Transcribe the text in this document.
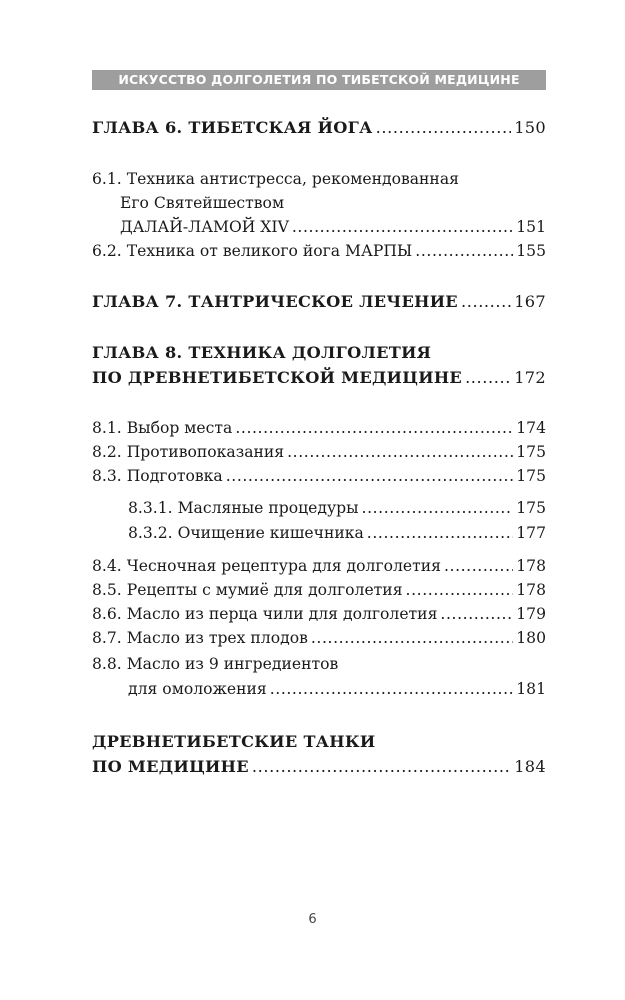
ИСКУССТВО ДОЛГОЛЕТИЯ ПО ТИБЕТСКОЙ МЕДИЦИНЕ
ГЛАВА 6. ТИБЕТСКАЯ ЙОГА .....	150
6.1. Техника антистресса, рекомендованная
Его Святейшеством
ДАЛАЙ-ЛАМОЙ XIV .....	151
6.2. Техника от великого йога МАРПЫ .....	155
ГЛАВА 7. ТАНТРИЧЕСКОЕ ЛЕЧЕНИЕ .....	167
ГЛАВА 8. ТЕХНИКА ДОЛГОЛЕТИЯ
ПО ДРЕВНЕТИБЕТСКОЙ МЕДИЦИНЕ .....	172
8.1. Выбор места .....	174
8.2. Противопоказания .....	175
8.3. Подготовка .....	175
8.3.1. Масляные процедуры .....	175
8.3.2. Очищение кишечника .....	177
8.4. Чесночная рецептура для долголетия .....	178
8.5. Рецепты с мумиё для долголетия .....	178
8.6. Масло из перца чили для долголетия .....	179
8.7. Масло из трех плодов .....	180
8.8. Масло из 9 ингредиентов
для омоложения .....	181
ДРЕВНЕТИБЕТСКИЕ ТАНКИ
ПО МЕДИЦИНЕ .....	184
6
